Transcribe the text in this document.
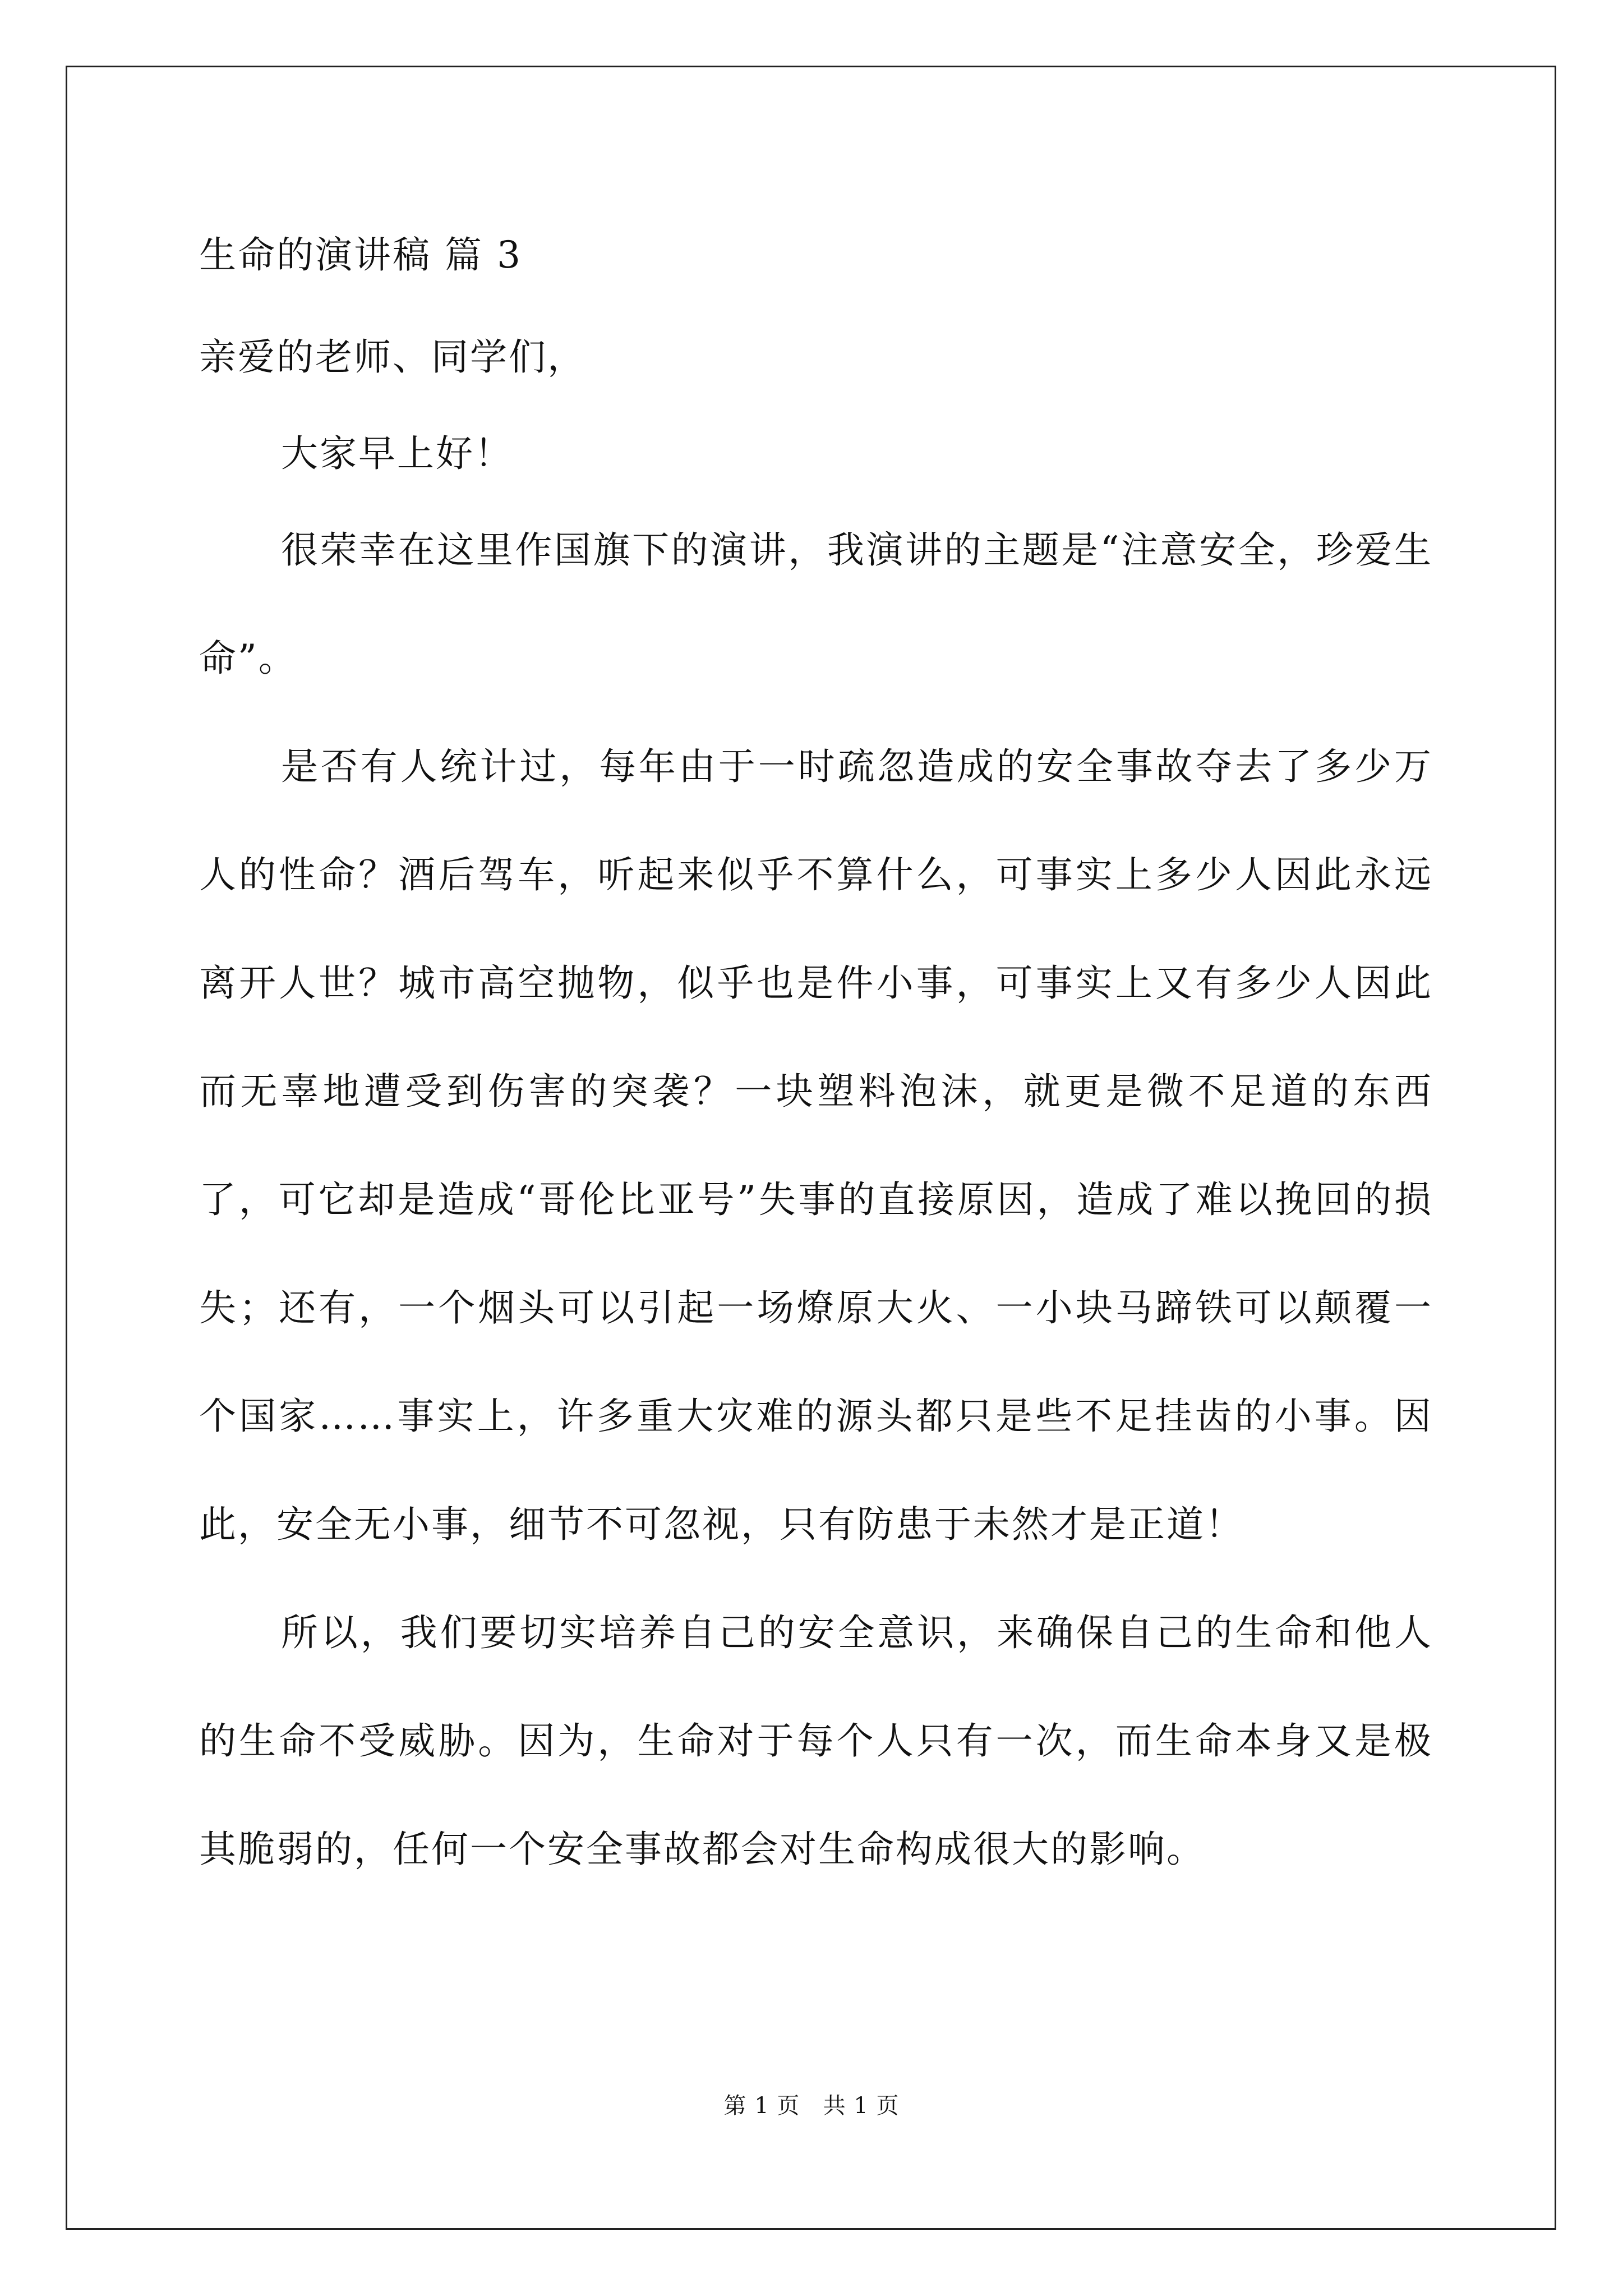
生命的演讲稿 篇 3

亲爱的老师、同学们，

大家早上好！

很荣幸在这里作国旗下的演讲，我演讲的主题是“注意安全，珍爱生命”。

是否有人统计过，每年由于一时疏忽造成的安全事故夺去了多少万人的性命？酒后驾车，听起来似乎不算什么，可事实上多少人因此永远离开人世？城市高空抛物，似乎也是件小事，可事实上又有多少人因此而无辜地遭受到伤害的突袭？一块塑料泡沫，就更是微不足道的东西了，可它却是造成“哥伦比亚号”失事的直接原因，造成了难以挽回的损失；还有，一个烟头可以引起一场燎原大火、一小块马蹄铁可以颠覆一个国家……事实上，许多重大灾难的源头都只是些不足挂齿的小事。因此，安全无小事，细节不可忽视，只有防患于未然才是正道！

所以，我们要切实培养自己的安全意识，来确保自己的生命和他人的生命不受威胁。因为，生命对于每个人只有一次，而生命本身又是极其脆弱的，任何一个安全事故都会对生命构成很大的影响。

第 1 页 共 1 页
